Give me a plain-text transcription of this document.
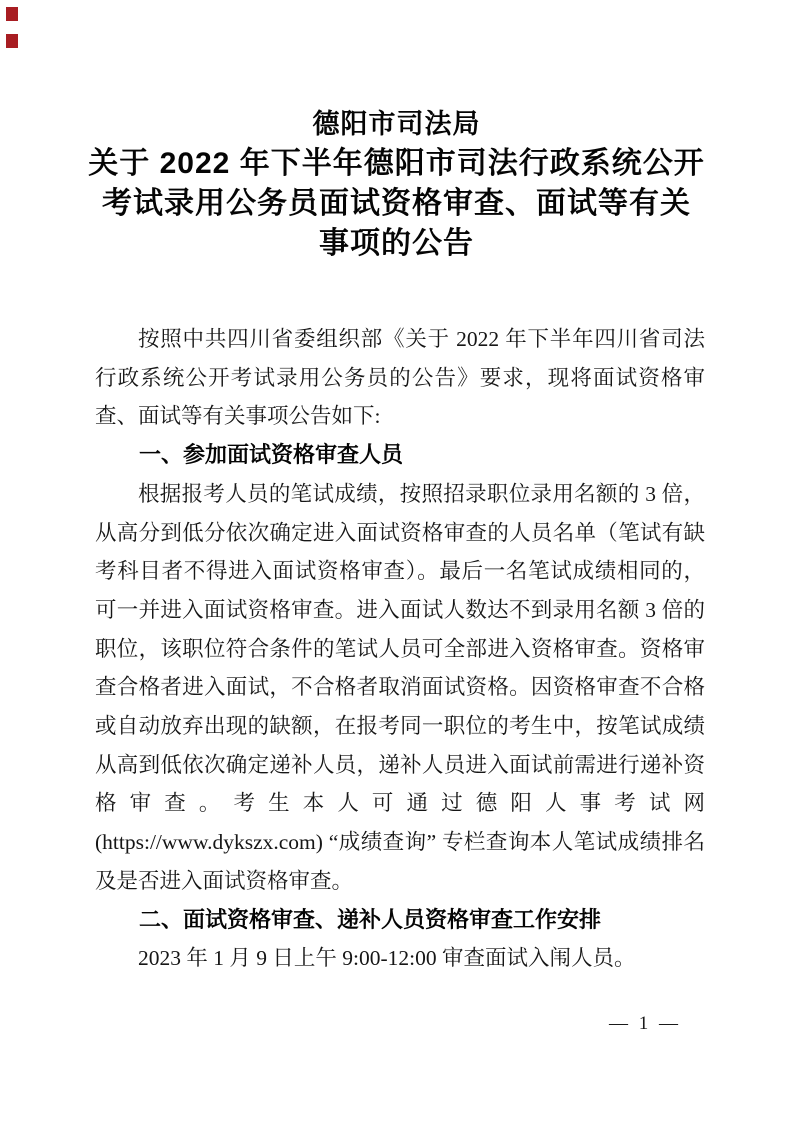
德阳市司法局
关于 2022 年下半年德阳市司法行政系统公开
考试录用公务员面试资格审查、面试等有关
事项的公告

按照中共四川省委组织部《关于 2022 年下半年四川省司法行政系统公开考试录用公务员的公告》要求，现将面试资格审查、面试等有关事项公告如下:

一、参加面试资格审查人员

根据报考人员的笔试成绩，按照招录职位录用名额的 3 倍，从高分到低分依次确定进入面试资格审查的人员名单（笔试有缺考科目者不得进入面试资格审查）。最后一名笔试成绩相同的，可一并进入面试资格审查。进入面试人数达不到录用名额 3 倍的职位，该职位符合条件的笔试人员可全部进入资格审查。资格审查合格者进入面试，不合格者取消面试资格。因资格审查不合格或自动放弃出现的缺额，在报考同一职位的考生中，按笔试成绩从高到低依次确定递补人员，递补人员进入面试前需进行递补资格审查。考生本人可通过德阳人事考试网(https://www.dykszx.com) “成绩查询” 专栏查询本人笔试成绩排名及是否进入面试资格审查。

二、面试资格审查、递补人员资格审查工作安排

2023 年 1 月 9 日上午 9:00-12:00 审查面试入闱人员。

— 1 —
